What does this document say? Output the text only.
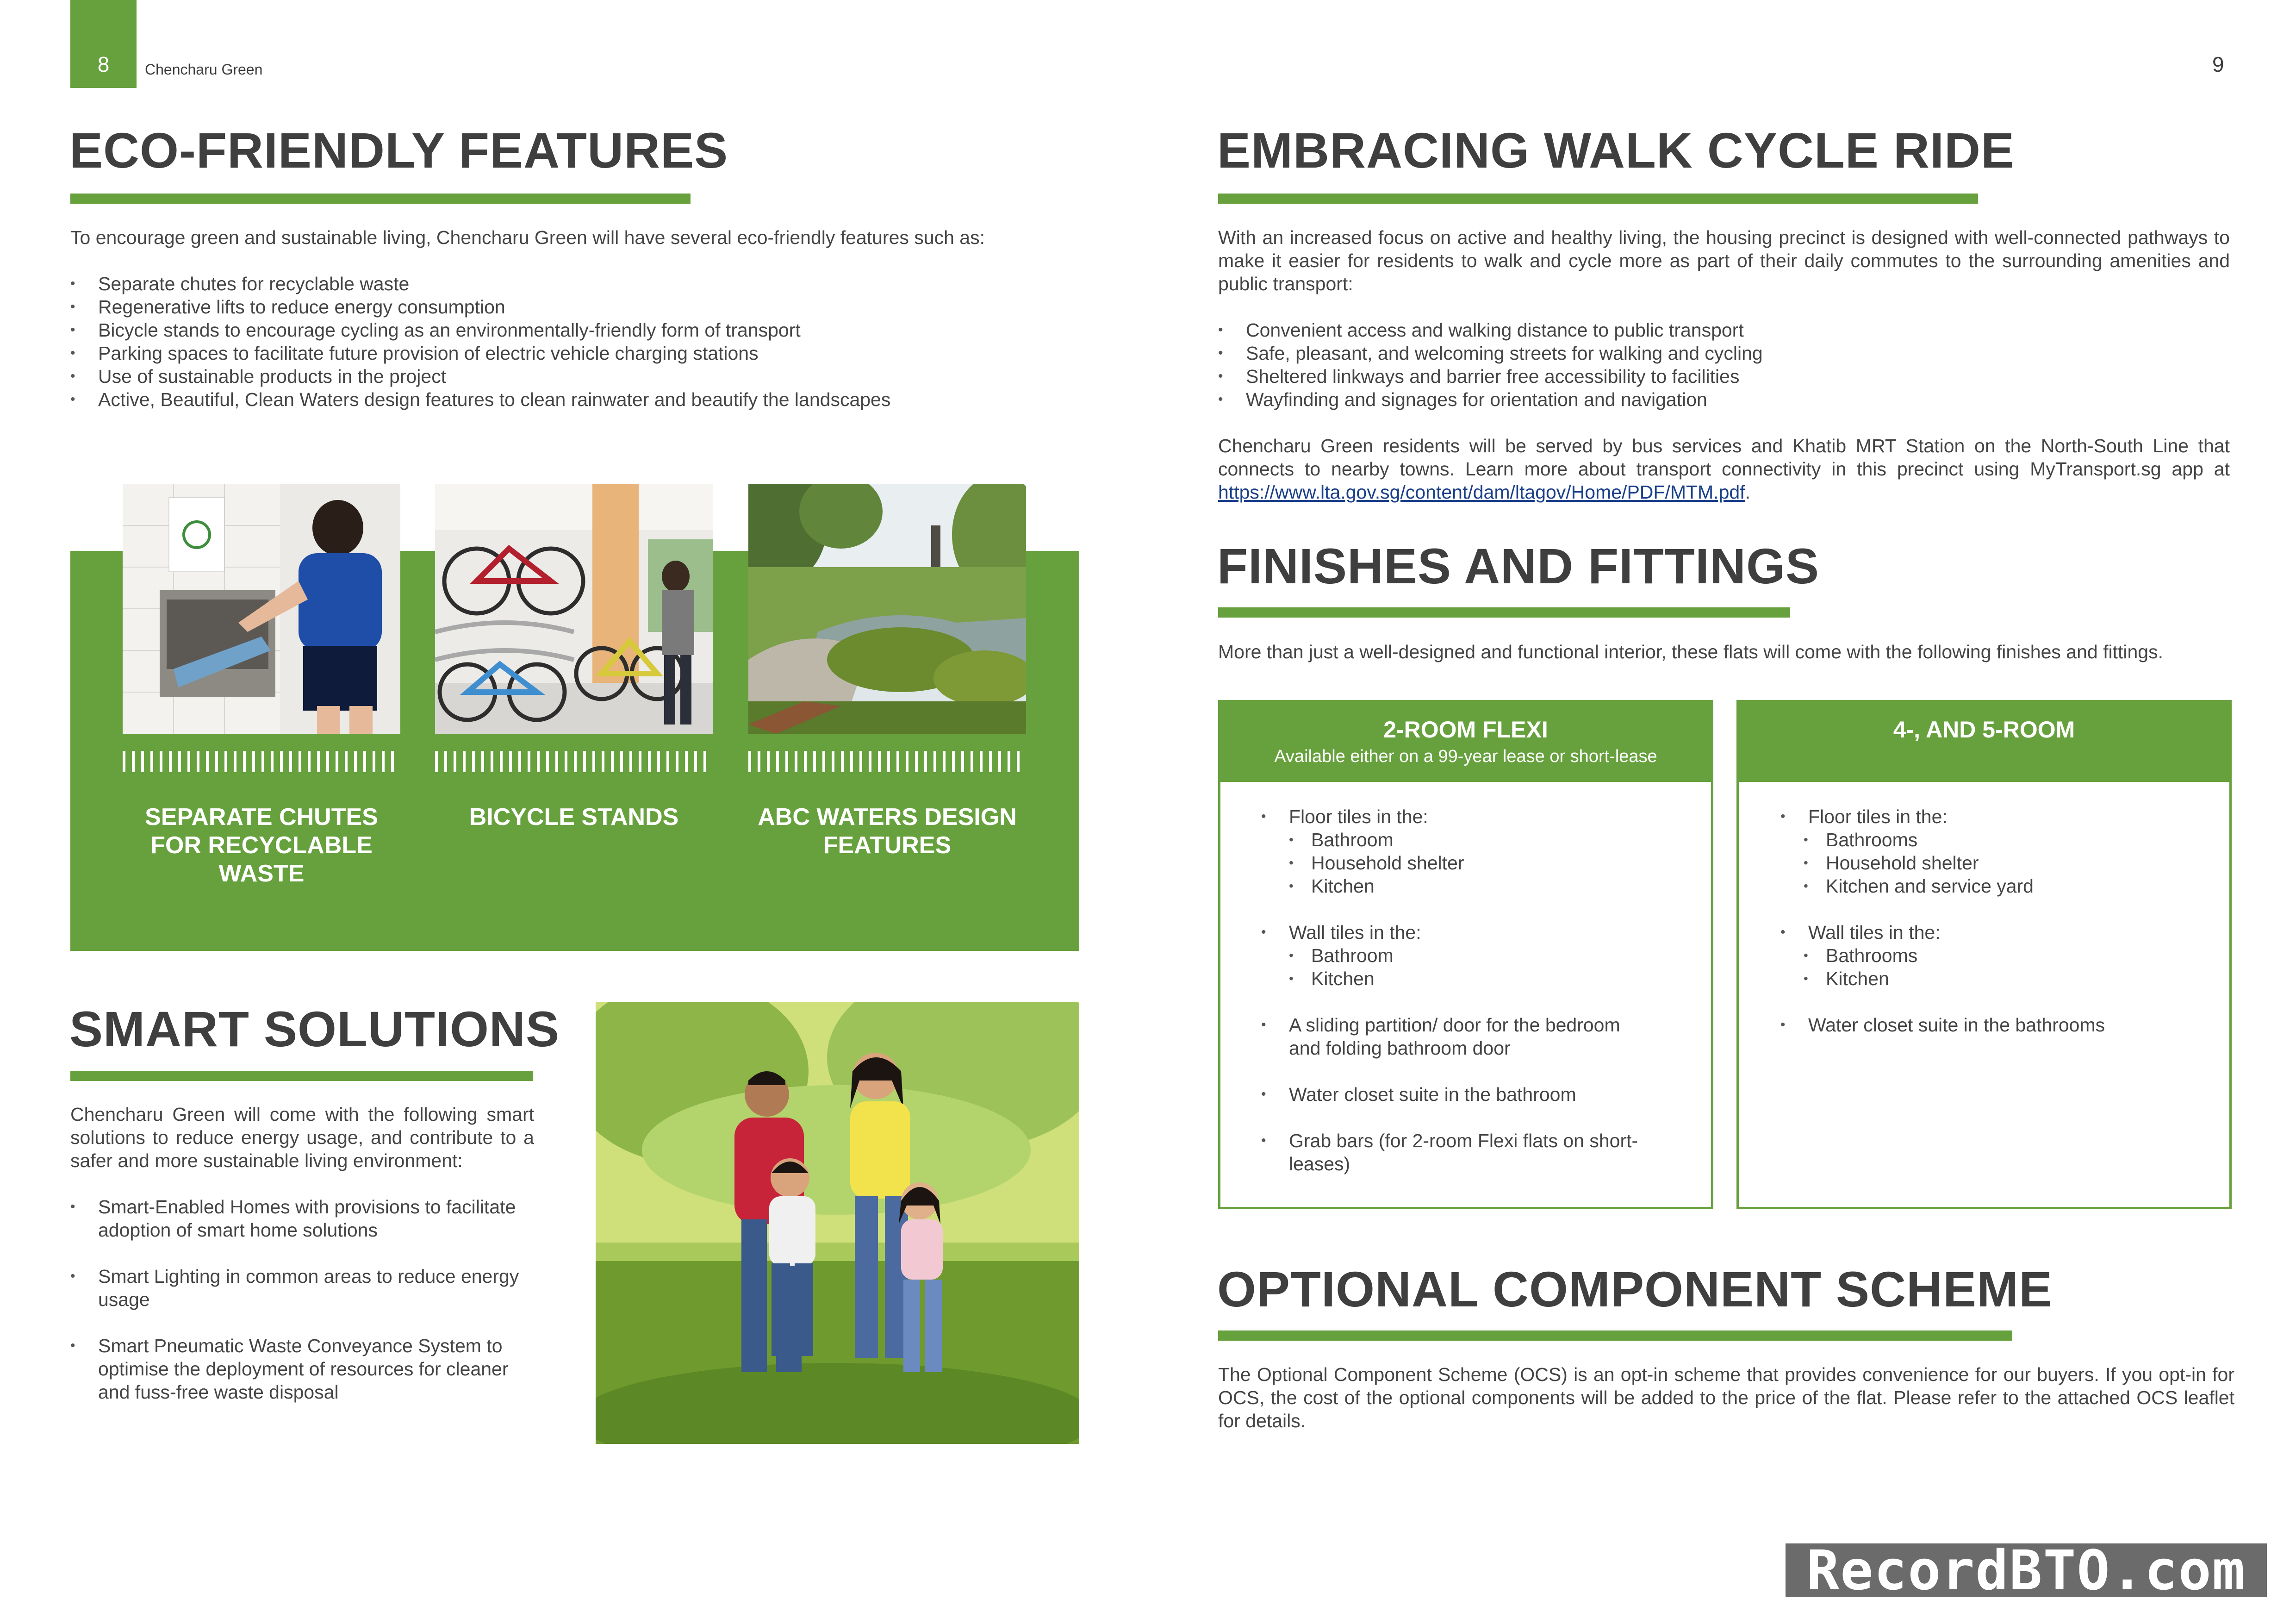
8	Chencharu Green	9
ECO-FRIENDLY FEATURES

To encourage green and sustainable living, Chencharu Green will have several eco-friendly features such as:

• Separate chutes for recyclable waste
• Regenerative lifts to reduce energy consumption
• Bicycle stands to encourage cycling as an environmentally-friendly form of transport
• Parking spaces to facilitate future provision of electric vehicle charging stations
• Use of sustainable products in the project
• Active, Beautiful, Clean Waters design features to clean rainwater and beautify the landscapes
SEPARATE CHUTES FOR RECYCLABLE WASTE
BICYCLE STANDS	ABC WATERS DESIGN FEATURES
SMART SOLUTIONS

Chencharu Green will come with the following smart solutions to reduce energy usage, and contribute to a safer and more sustainable living environment:

• Smart-Enabled Homes with provisions to facilitate adoption of smart home solutions
• Smart Lighting in common areas to reduce energy usage
• Smart Pneumatic Waste Conveyance System to optimise the deployment of resources for cleaner and fuss-free waste disposal
EMBRACING WALK CYCLE RIDE

With an increased focus on active and healthy living, the housing precinct is designed with well-connected pathways to make it easier for residents to walk and cycle more as part of their daily commutes to the surrounding amenities and public transport:

• Convenient access and walking distance to public transport
• Safe, pleasant, and welcoming streets for walking and cycling
• Sheltered linkways and barrier free accessibility to facilities
• Wayfinding and signages for orientation and navigation

Chencharu Green residents will be served by bus services and Khatib MRT Station on the North-South Line that connects to nearby towns. Learn more about transport connectivity in this precinct using MyTransport.sg app at https://www.lta.gov.sg/content/dam/ltagov/Home/PDF/MTM.pdf.

FINISHES AND FITTINGS
More than just a well-designed and functional interior, these flats will come with the following finishes and fittings.
2-ROOM FLEXI
Available either on a 99-year lease or short-lease
• Floor tiles in the:
• Bathroom
• Household shelter
• Kitchen
• Wall tiles in the:
• Bathroom
• Kitchen
• A sliding partition/ door for the bedroom and folding bathroom door
• Water closet suite in the bathroom
• Grab bars (for 2-room Flexi flats on short-leases)
4-, AND 5-ROOM
• Floor tiles in the:
• Bathrooms
• Household shelter
• Kitchen and service yard
• Wall tiles in the:
• Bathrooms
• Kitchen
• Water closet suite in the bathrooms
OPTIONAL COMPONENT SCHEME
The Optional Component Scheme (OCS) is an opt-in scheme that provides convenience for our buyers. If you opt-in for OCS, the cost of the optional components will be added to the price of the flat. Please refer to the attached OCS leaflet for details.
RecordBTO.com
